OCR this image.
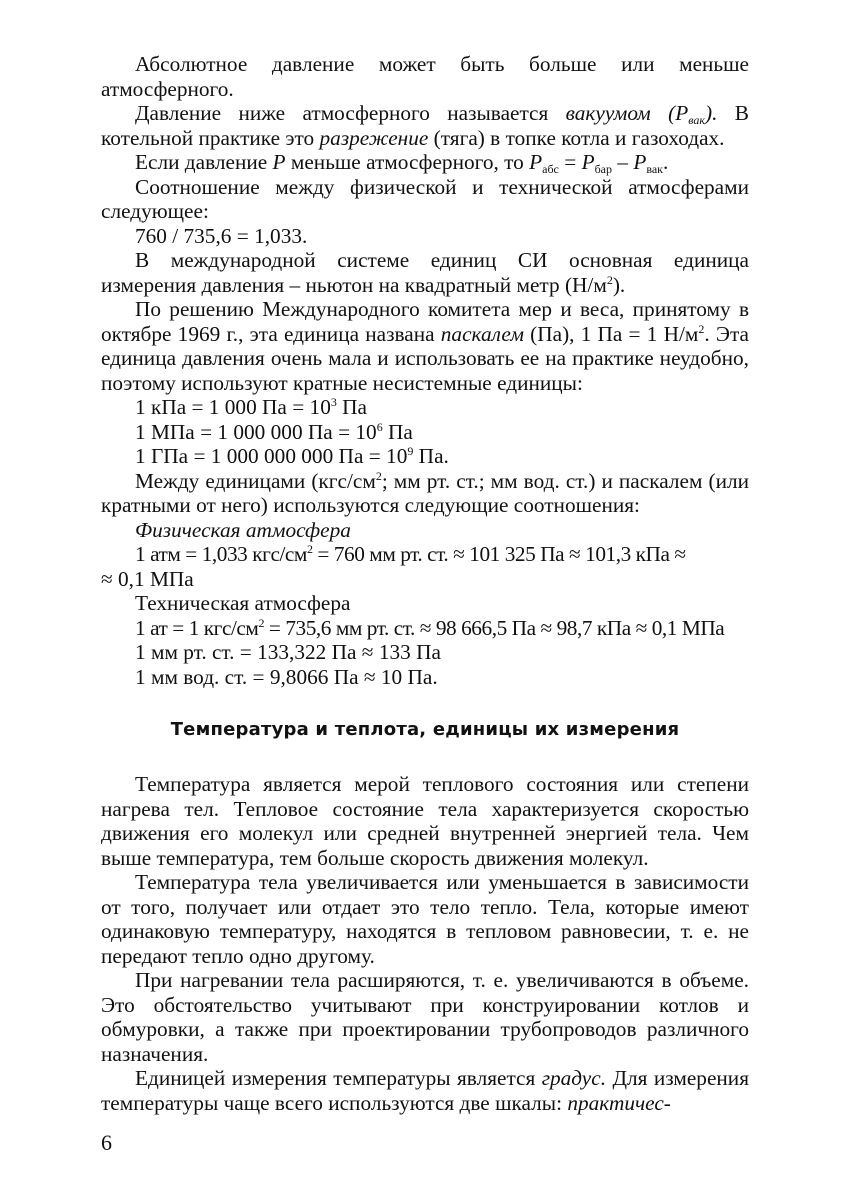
Абсолютное давление может быть больше или меньше атмосферного.

Давление ниже атмосферного называется вакуумом $(P_{вак})$. В котельной практике это разрежение (тяга) в топке котла и газоходах.

Если давление P меньше атмосферного, то $P_{абс} = P_{бар} - P_{вак}$.

Соотношение между физической и технической атмосферами следующее:

760 / 735,6 = 1,033.

В международной системе единиц СИ основная единица измерения давления – ньютон на квадратный метр $(Н/м^2)$.

По решению Международного комитета мер и веса, принятому в октябре 1969 г., эта единица названа паскалем (Па), 1 Па = 1 $Н/м^2$. Эта единица давления очень мала и использовать ее на практике неудобно, поэтому используют кратные несистемные единицы:

1 кПа = 1 000 Па = $10^3$ Па

1 МПа = 1 000 000 Па = $10^6$ Па

1 ГПа = 1 000 000 000 Па = $10^9$ Па.

Между единицами ($кгс/см^2$; мм рт. ст.; мм вод. ст.) и паскалем (или кратными от него) используются следующие соотношения:

Физическая атмосфера

1 атм = 1,033 кгс/$см^2 = 760$ мм рт. ст. ≈ 101 325 Па ≈ 101,3 кПа ≈

≈ 0,1 МПа

Техническая атмосфера

1 ат = 1 кгс/$см^2 = 735,6$ мм рт. ст. ≈ 98 666,5 Па ≈ 98,7 кПа ≈ 0,1 МПа

1 мм рт. ст. = 133,322 Па ≈ 133 Па

1 мм вод. ст. = 9,8066 Па ≈ 10 Па.

Температура и теплота, единицы их измерения

Температура является мерой теплового состояния или степени нагрева тел. Тепловое состояние тела характеризуется скоростью движения его молекул или средней внутренней энергией тела. Чем выше температура, тем больше скорость движения молекул.

Температура тела увеличивается или уменьшается в зависимости от того, получает или отдает это тело тепло. Тела, которые имеют одинаковую температуру, находятся в тепловом равновесии, т. е. не передают тепло одно другому.

При нагревании тела расширяются, т. е. увеличиваются в объеме. Это обстоятельство учитывают при конструировании котлов и обмуровки, а также при проектировании трубопроводов различного назначения.

Единицей измерения температуры является градус. Для измерения температуры чаще всего используются две шкалы: практичес-

6
